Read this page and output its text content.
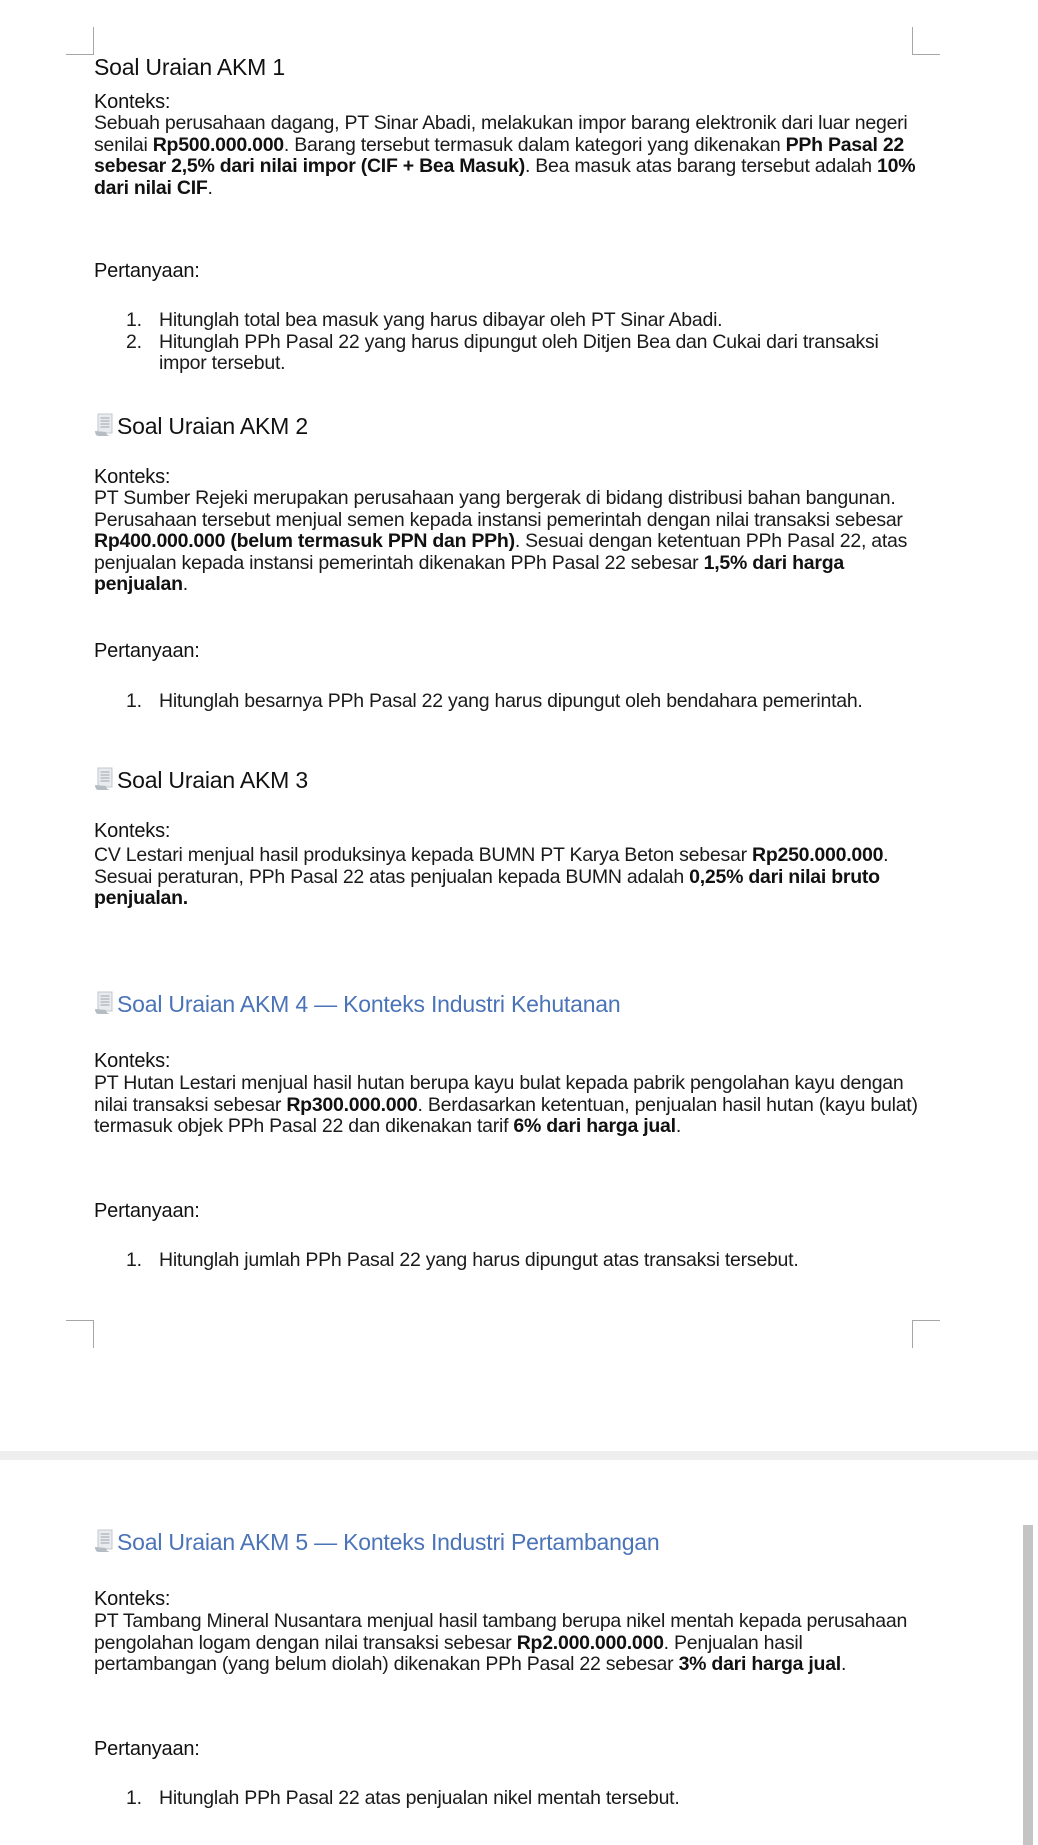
Soal Uraian AKM 1
Konteks:
Sebuah perusahaan dagang, PT Sinar Abadi, melakukan impor barang elektronik dari luar negeri senilai Rp500.000.000. Barang tersebut termasuk dalam kategori yang dikenakan PPh Pasal 22 sebesar 2,5% dari nilai impor (CIF + Bea Masuk). Bea masuk atas barang tersebut adalah 10% dari nilai CIF.
Pertanyaan:
1. Hitunglah total bea masuk yang harus dibayar oleh PT Sinar Abadi.
2. Hitunglah PPh Pasal 22 yang harus dipungut oleh Ditjen Bea dan Cukai dari transaksi impor tersebut.
Soal Uraian AKM 2
Konteks:
PT Sumber Rejeki merupakan perusahaan yang bergerak di bidang distribusi bahan bangunan. Perusahaan tersebut menjual semen kepada instansi pemerintah dengan nilai transaksi sebesar Rp400.000.000 (belum termasuk PPN dan PPh). Sesuai dengan ketentuan PPh Pasal 22, atas penjualan kepada instansi pemerintah dikenakan PPh Pasal 22 sebesar 1,5% dari harga penjualan.
Pertanyaan:
1. Hitunglah besarnya PPh Pasal 22 yang harus dipungut oleh bendahara pemerintah.
Soal Uraian AKM 3
Konteks:
CV Lestari menjual hasil produksinya kepada BUMN PT Karya Beton sebesar Rp250.000.000. Sesuai peraturan, PPh Pasal 22 atas penjualan kepada BUMN adalah 0,25% dari nilai bruto penjualan.
Soal Uraian AKM 4 — Konteks Industri Kehutanan
Konteks:
PT Hutan Lestari menjual hasil hutan berupa kayu bulat kepada pabrik pengolahan kayu dengan nilai transaksi sebesar Rp300.000.000. Berdasarkan ketentuan, penjualan hasil hutan (kayu bulat) termasuk objek PPh Pasal 22 dan dikenakan tarif 6% dari harga jual.
Pertanyaan:
1. Hitunglah jumlah PPh Pasal 22 yang harus dipungut atas transaksi tersebut.
Soal Uraian AKM 5 — Konteks Industri Pertambangan
Konteks:
PT Tambang Mineral Nusantara menjual hasil tambang berupa nikel mentah kepada perusahaan pengolahan logam dengan nilai transaksi sebesar Rp2.000.000.000. Penjualan hasil pertambangan (yang belum diolah) dikenakan PPh Pasal 22 sebesar 3% dari harga jual.
Pertanyaan:
1. Hitunglah PPh Pasal 22 atas penjualan nikel mentah tersebut.
